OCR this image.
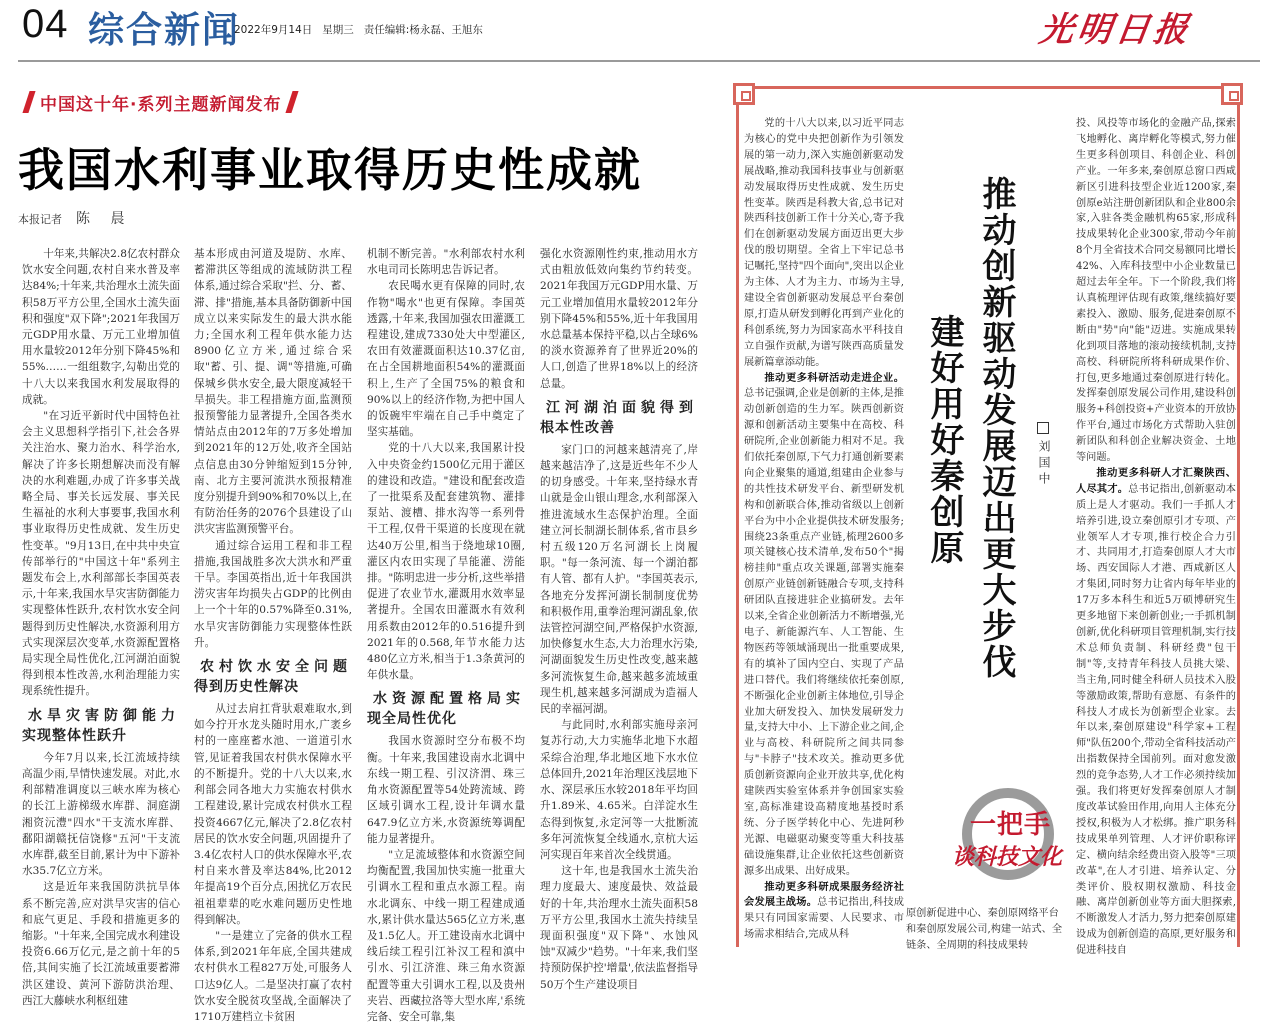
04 综合新闻
2022年9月14日 星期三 责任编辑:杨永磊、王旭东	光明日报
中国这十年·系列主题新闻发布
我国水利事业取得历史性成就
本报记者 陈 晨

十年来,共解决2.8亿农村群众饮水安全问题,农村自来水普及率达84%;十年来,共治理水土流失面积58万平方公里,全国水土流失面积和强度"双下降";2021年我国万元GDP用水量、万元工业增加值用水量较2012年分别下降45%和55%……一组组数字,勾勒出党的十八大以来我国水利发展取得的成就。

"在习近平新时代中国特色社会主义思想科学指引下,社会各界关注治水、聚力治水、科学治水,解决了许多长期想解决而没有解决的水利难题,办成了许多事关战略全局、事关长远发展、事关民生福祉的水利大事要事,我国水利事业取得历史性成就、发生历史性变革。"9月13日,在中共中央宣传部举行的"中国这十年"系列主题发布会上,水利部部长李国英表示,十年来,我国水旱灾害防御能力实现整体性跃升,农村饮水安全问题得到历史性解决,水资源利用方式实现深层次变革,水资源配置格局实现全局性优化,江河湖泊面貌得到根本性改善,水利治理能力实现系统性提升。

水旱灾害防御能力
实现整体性跃升

今年7月以来,长江流域持续高温少雨,旱情快速发展。对此,水利部精准调度以三峡水库为核心的长江上游梯级水库群、洞庭湖湘资沅澧"四水"干支流水库群、鄱阳湖赣抚信饶修"五河"干支流水库群,截至目前,累计为中下游补水35.7亿立方米。

这是近年来我国防洪抗旱体系不断完善,应对洪旱灾害的信心和底气更足、手段和措施更多的缩影。"十年来,全国完成水利建设投资6.66万亿元,是之前十年的5倍,其间实施了长江流域重要蓄滞洪区建设、黄河下游防洪治理、西江大藤峡水利枢纽建

基本形成由河道及堤防、水库、蓄滞洪区等组成的流域防洪工程体系,通过综合采取"拦、分、蓄、滞、排"措施,基本具备防御新中国成立以来实际发生的最大洪水能力;全国水利工程年供水能力达8900亿立方米,通过综合采取"蓄、引、提、调"等措施,可确保城乡供水安全,最大限度减轻干旱损失。非工程措施方面,监测预报预警能力显著提升,全国各类水情站点由2012年的7万多处增加到2021年的12万处,收齐全国站点信息由30分钟缩短到15分钟,南、北方主要河流洪水预报精准度分别提升到90%和70%以上,在有防治任务的2076个县建设了山洪灾害监测预警平台。

通过综合运用工程和非工程措施,我国战胜多次大洪水和严重干旱。李国英指出,近十年我国洪涝灾害年均损失占GDP的比例由上一个十年的0.57%降至0.31%,水旱灾害防御能力实现整体性跃升。

农村饮水安全问题
得到历史性解决

从过去肩扛背驮艰难取水,到如今拧开水龙头随时用水,广袤乡村的一座座蓄水池、一道道引水管,见证着我国农村供水保障水平的不断提升。党的十八大以来,水利部会同各地大力实施农村供水工程建设,累计完成农村供水工程投资4667亿元,解决了2.8亿农村居民的饮水安全问题,巩固提升了3.4亿农村人口的供水保障水平,农村自来水普及率达84%,比2012年提高19个百分点,困扰亿万农民祖祖辈辈的吃水难问题历史性地得到解决。

"一是建立了完备的供水工程体系,到2021年年底,全国共建成农村供水工程827万处,可服务人口达9亿人。二是坚决打赢了农村饮水安全脱贫攻坚战,全面解决了1710万建档立卡贫困

机制不断完善。"水利部农村水利水电司司长陈明忠告诉记者。

农民喝水更有保障的同时,农作物"喝水"也更有保障。李国英透露,十年来,我国加强农田灌溉工程建设,建成7330处大中型灌区,农田有效灌溉面积达10.37亿亩,在占全国耕地面积54%的灌溉面积上,生产了全国75%的粮食和90%以上的经济作物,为把中国人的饭碗牢牢端在自己手中奠定了坚实基础。

党的十八大以来,我国累计投入中央资金约1500亿元用于灌区的建设和改造。"建设和配套改造了一批渠系及配套建筑物、灌排泵站、渡槽、排水沟等一系列骨干工程,仅骨干渠道的长度现在就达40万公里,相当于绕地球10圈,灌区内农田实现了旱能灌、涝能排。"陈明忠进一步分析,这些举措促进了农业节水,灌溉用水效率显著提升。全国农田灌溉水有效利用系数由2012年的0.516提升到2021年的0.568,年节水能力达480亿立方米,相当于1.3条黄河的年供水量。

水资源配置格局实
现全局性优化

我国水资源时空分布极不均衡。十年来,我国建设南水北调中东线一期工程、引汉济渭、珠三角水资源配置等54处跨流域、跨区域引调水工程,设计年调水量647.9亿立方米,水资源统筹调配能力显著提升。

"立足流域整体和水资源空间均衡配置,我国加快实施一批重大引调水工程和重点水源工程。南水北调东、中线一期工程建成通水,累计供水量达565亿立方米,惠及1.5亿人。开工建设南水北调中线后续工程引江补汉工程和滇中引水、引江济淮、珠三角水资源配置等重大引调水工程,以及贵州夹岩、西藏拉洛等大型水库,'系统完备、安全可靠,集

强化水资源刚性约束,推动用水方式由粗放低效向集约节约转变。2021年我国万元GDP用水量、万元工业增加值用水量较2012年分别下降45%和55%,近十年我国用水总量基本保持平稳,以占全球6%的淡水资源养育了世界近20%的人口,创造了世界18%以上的经济总量。

江河湖泊面貌得到
根本性改善

家门口的河越来越清亮了,岸越来越洁净了,这是近些年不少人的切身感受。十年来,坚持绿水青山就是金山银山理念,水利部深入推进流域水生态保护治理。全面建立河长制湖长制体系,省市县乡村五级120万名河湖长上岗履职。"每一条河流、每一个湖泊都有人管、都有人护。"李国英表示,各地充分发挥河湖长制制度优势和积极作用,重拳治理河湖乱象,依法管控河湖空间,严格保护水资源,加快修复水生态,大力治理水污染,河湖面貌发生历史性改变,越来越多河流恢复生命,越来越多流域重现生机,越来越多河湖成为造福人民的幸福河湖。

与此同时,水利部实施母亲河复苏行动,大力实施华北地下水超采综合治理,华北地区地下水水位总体回升,2021年治理区浅层地下水、深层承压水较2018年平均回升1.89米、4.65米。白洋淀水生态得到恢复,永定河等一大批断流多年河流恢复全线通水,京杭大运河实现百年来首次全线贯通。

这十年,也是我国水土流失治理力度最大、速度最快、效益最好的十年,共治理水土流失面积58万平方公里,我国水土流失持续呈现面积强度"双下降"、水蚀风蚀"双减少"趋势。"十年来,我们坚持预防保护控'增量',依法监督指导50万个生产建设项目

党的十八大以来,以习近平同志为核心的党中央把创新作为引领发展的第一动力,深入实施创新驱动发展战略,推动我国科技事业与创新驱动发展取得历史性成就、发生历史性变革。陕西是科教大省,总书记对陕西科技创新工作十分关心,寄予我们在创新驱动发展方面迈出更大步伐的殷切期望。全省上下牢记总书记嘱托,坚持"四个面向",突出以企业为主体、人才为主力、市场为主导,建设全省创新驱动发展总平台秦创原,打造从研发到孵化再到产业化的科创系统,努力为国家高水平科技自立自强作贡献,为谱写陕西高质量发展新篇章添动能。

推动更多科研活动走进企业。总书记强调,企业是创新的主体,是推动创新创造的生力军。陕西创新资源和创新活动主要集中在高校、科研院所,企业创新能力相对不足。我们依托秦创原,下气力打通创新要素向企业聚集的通道,组建由企业参与的共性技术研发平台、新型研发机构和创新联合体,推动省级以上创新平台为中小企业提供技术研发服务;围绕23条重点产业链,梳理2600多项关键核心技术清单,发布50个"揭榜挂帅"重点攻关课题,部署实施秦创原产业链创新链融合专项,支持科研团队直接进驻企业搞研发。去年以来,全省企业创新活力不断增强,光电子、新能源汽车、人工智能、生物医药等领域涌现出一批重要成果,有的填补了国内空白、实现了产品进口替代。我们将继续依托秦创原,不断强化企业创新主体地位,引导企业加大研发投入、加快发展研发力量,支持大中小、上下游企业之间,企业与高校、科研院所之间共同参与"卡脖子"技术攻关。推动更多优质创新资源向企业开放共享,优化构建陕西实验室体系并争创国家实验室,高标准建设高精度地基授时系统、分子医学转化中心、先进阿秒光源、电磁驱动聚变等重大科技基础设施集群,让企业依托这些创新资源多出成果、出好成果。

推动更多科研成果服务经济社会发展主战场。总书记指出,科技成果只有同国家需要、人民要求、市场需求相结合,完成从科

推动创新驱动发展迈出更大步伐
建好用好秦创原	刘国中
一把手
谈科技文化
原创新促进中心、秦创原网络平台和秦创原发展公司,构建一站式、全链条、全周期的科技成果转

投、风投等市场化的金融产品,探索飞地孵化、离岸孵化等模式,努力催生更多科创项目、科创企业、科创产业。一年多来,秦创原总窗口西咸新区引进科技型企业近1200家,秦创原e站注册创新团队和企业800余家,入驻各类金融机构65家,形成科技成果转化企业300家,带动今年前8个月全省技术合同交易额同比增长42%、入库科技型中小企业数量已超过去年全年。下一个阶段,我们将认真梳理评估现有政策,继续搞好要素投入、激励、服务,促进秦创原不断由"势"向"能"迈进。实施成果转化到项目落地的滚动接续机制,支持高校、科研院所将科研成果作价、打包,更多地通过秦创原进行转化。发挥秦创原发展公司作用,建设科创服务+科创投资+产业资本的开放协作平台,通过市场化方式帮助入驻创新团队和科创企业解决资金、土地等问题。

推动更多科研人才汇聚陕西、人尽其才。总书记指出,创新驱动本质上是人才驱动。我们一手抓人才培养引进,设立秦创原引才专项、产业领军人才专项,推行校企合力引才、共同用才,打造秦创原人才大市场、西安国际人才港、西咸新区人才集团,同时努力让省内每年毕业的17万多本科生和近5万硕博研究生更多地留下来创新创业;一手抓机制创新,优化科研项目管理机制,实行技术总师负责制、科研经费"包干制"等,支持青年科技人员挑大梁、当主角,同时健全科研人员技术入股等激励政策,帮助有意愿、有条件的科技人才成长为创新型企业家。去年以来,秦创原建设"科学家+工程师"队伍200个,带动全省科技活动产出指数保持全国前列。面对愈发激烈的竞争态势,人才工作必须持续加强。我们将更好发挥秦创原人才制度改革试验田作用,向用人主体充分授权,积极为人才松绑。推广职务科技成果单列管理、人才评价职称评定、横向结余经费出资入股等"三项改革",在人才引进、培养认定、分类评价、股权期权激励、科技金融、离岸创新创业等方面大胆探索,不断激发人才活力,努力把秦创原建设成为创新创造的高原,更好服务和促进科技自
